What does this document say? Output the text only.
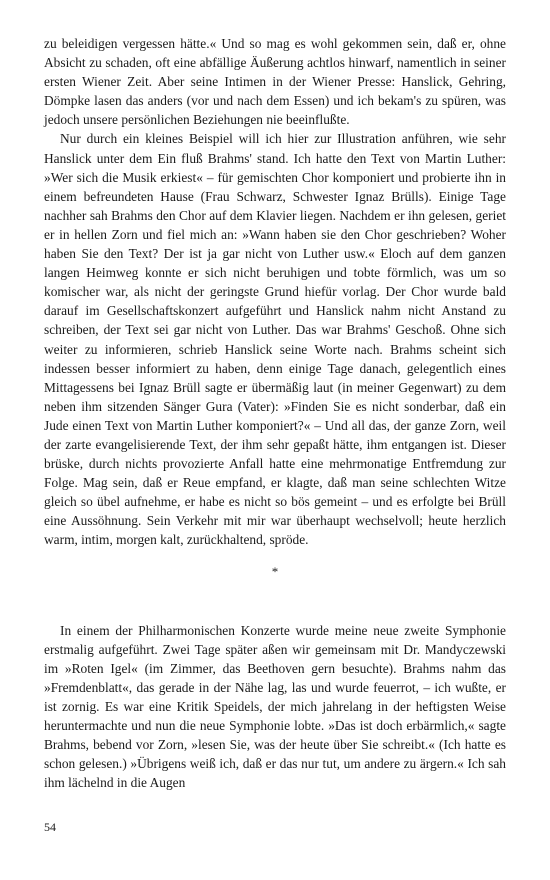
zu beleidigen vergessen hätte.« Und so mag es wohl gekommen sein, daß er, ohne Absicht zu schaden, oft eine abfällige Äußerung achtlos hinwarf, namentlich in seiner ersten Wiener Zeit. Aber seine Intimen in der Wiener Presse: Hanslick, Gehring, Dömpke lasen das anders (vor und nach dem Essen) und ich bekam's zu spüren, was jedoch unsere persönlichen Beziehungen nie beeinflußte.

Nur durch ein kleines Beispiel will ich hier zur Illustration anführen, wie sehr Hanslick unter dem Ein fluß Brahms' stand. Ich hatte den Text von Martin Luther: »Wer sich die Musik erkiest« – für gemischten Chor komponiert und probierte ihn in einem befreundeten Hause (Frau Schwarz, Schwester Ignaz Brülls). Einige Tage nachher sah Brahms den Chor auf dem Klavier liegen. Nachdem er ihn gelesen, geriet er in hellen Zorn und fiel mich an: »Wann haben sie den Chor geschrieben? Woher haben Sie den Text? Der ist ja gar nicht von Luther usw.« Eloch auf dem ganzen langen Heimweg konnte er sich nicht beruhigen und tobte förmlich, was um so komischer war, als nicht der geringste Grund hiefür vorlag. Der Chor wurde bald darauf im Gesellschaftskonzert aufgeführt und Hanslick nahm nicht Anstand zu schreiben, der Text sei gar nicht von Luther. Das war Brahms' Geschoß. Ohne sich weiter zu informieren, schrieb Hanslick seine Worte nach. Brahms scheint sich indessen besser informiert zu haben, denn einige Tage danach, gelegentlich eines Mittagessens bei Ignaz Brüll sagte er übermäßig laut (in meiner Gegenwart) zu dem neben ihm sitzenden Sänger Gura (Vater): »Finden Sie es nicht sonderbar, daß ein Jude einen Text von Martin Luther komponiert?« – Und all das, der ganze Zorn, weil der zarte evangelisierende Text, der ihm sehr gepaßt hätte, ihm entgangen ist. Dieser brüske, durch nichts provozierte Anfall hatte eine mehrmonatige Entfremdung zur Folge. Mag sein, daß er Reue empfand, er klagte, daß man seine schlechten Witze gleich so übel aufnehme, er habe es nicht so bös gemeint – und es erfolgte bei Brüll eine Aussöhnung. Sein Verkehr mit mir war überhaupt wechselvoll; heute herzlich warm, intim, morgen kalt, zurückhaltend, spröde.

*

In einem der Philharmonischen Konzerte wurde meine neue zweite Symphonie erstmalig aufgeführt. Zwei Tage später aßen wir gemeinsam mit Dr. Mandyczewski im »Roten Igel« (im Zimmer, das Beethoven gern besuchte). Brahms nahm das »Fremdenblatt«, das gerade in der Nähe lag, las und wurde feuerrot, – ich wußte, er ist zornig. Es war eine Kritik Speidels, der mich jahrelang in der heftigsten Weise heruntermachte und nun die neue Symphonie lobte. »Das ist doch erbärmlich,« sagte Brahms, bebend vor Zorn, »lesen Sie, was der heute über Sie schreibt.« (Ich hatte es schon gelesen.) »Übrigens weiß ich, daß er das nur tut, um andere zu ärgern.« Ich sah ihm lächelnd in die Augen

54
